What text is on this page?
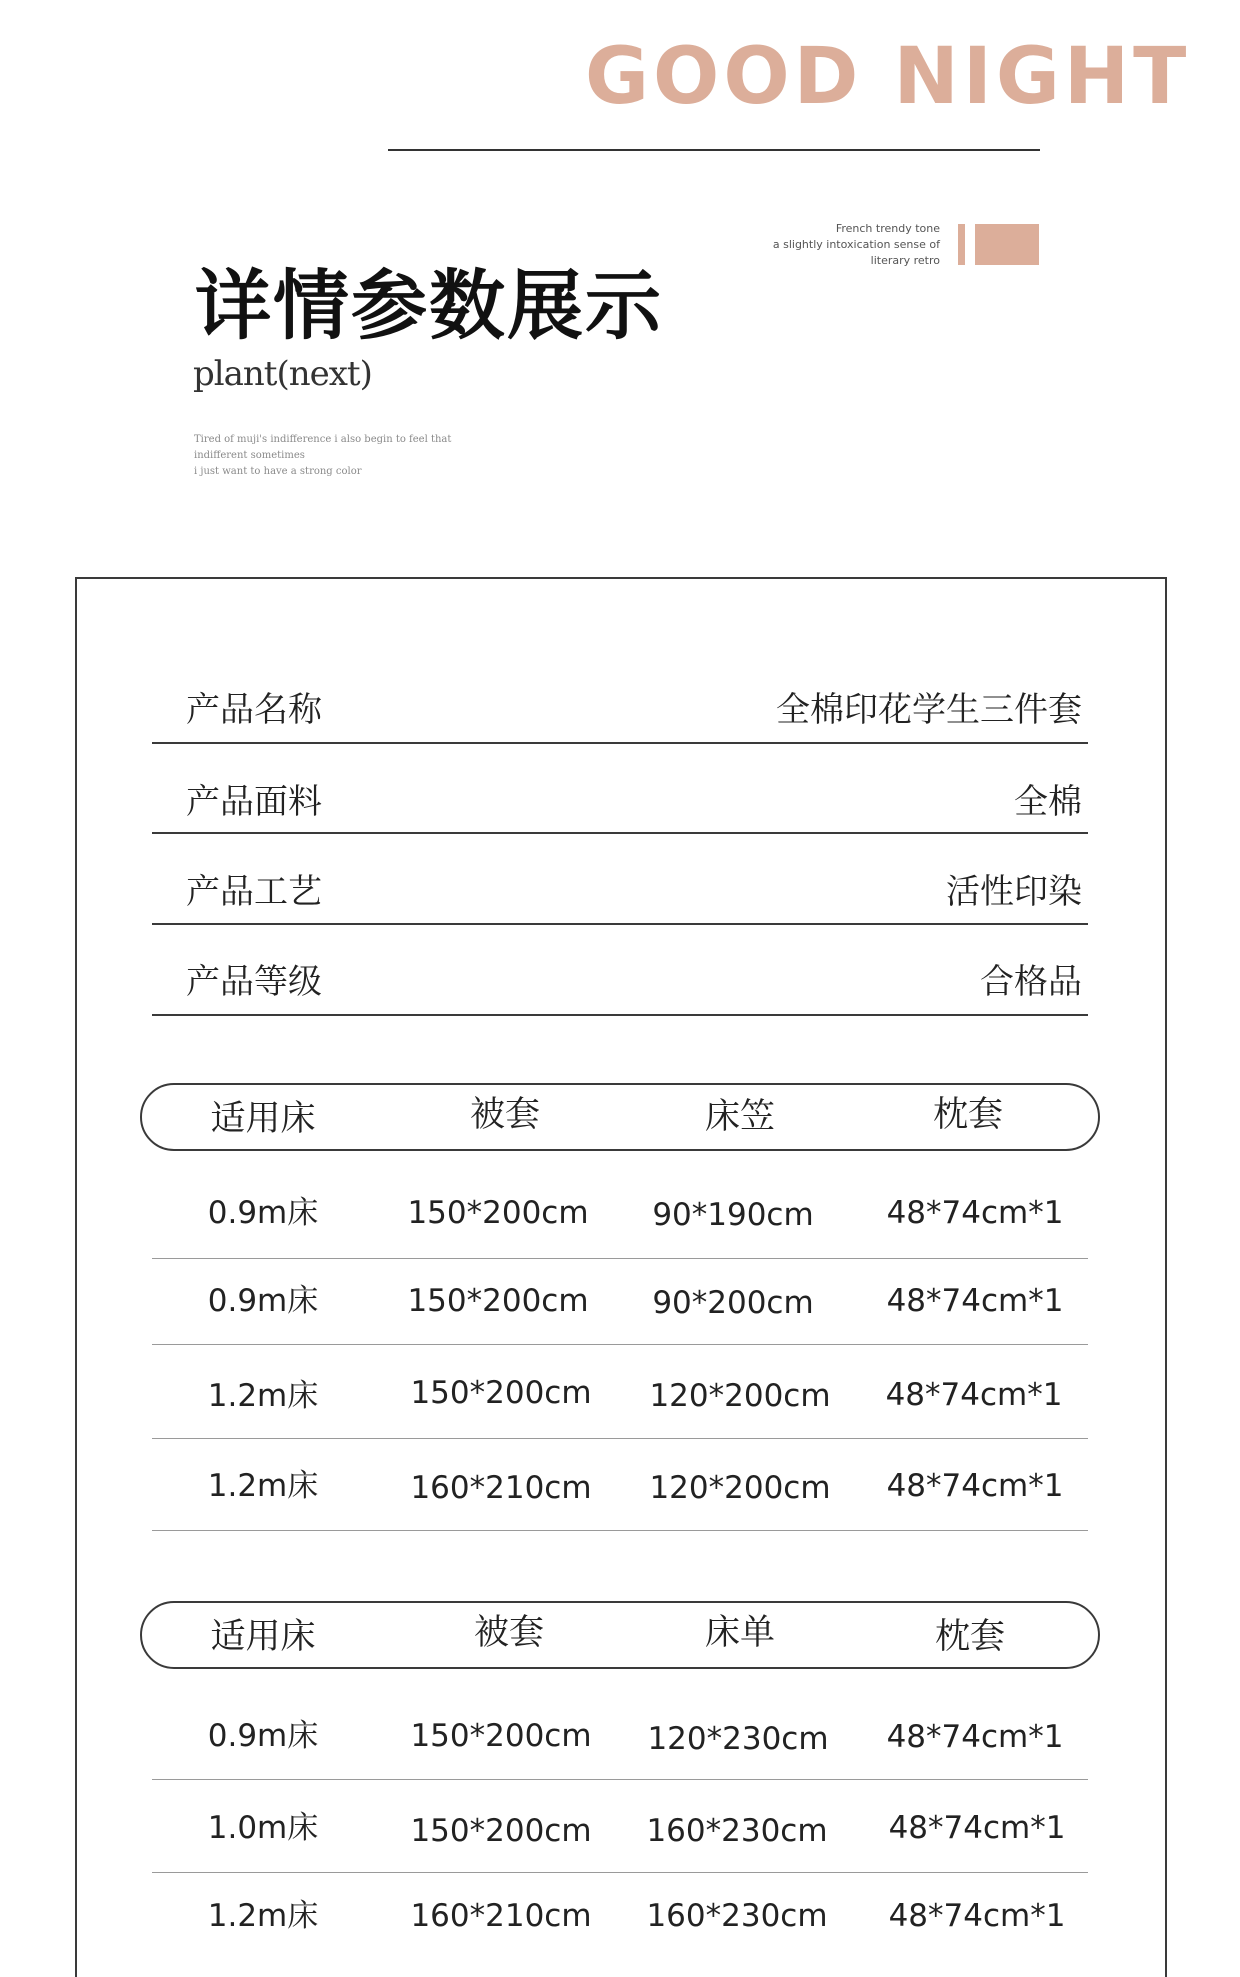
GOOD NIGHT
French trendy tone
a slightly intoxication sense of
literary retro
详情参数展示
plant(next)
Tired of muji's indifference i also begin to feel that
indifferent sometimes
i just want to have a strong color
产品名称	全棉印花学生三件套
产品面料	全棉
产品工艺	活性印染
产品等级	合格品
适用床	被套	床笠	枕套
0.9m床	150*200cm	90*190cm	48*74cm*1
0.9m床	150*200cm	90*200cm	48*74cm*1
1.2m床	150*200cm	120*200cm	48*74cm*1
1.2m床	160*210cm	120*200cm	48*74cm*1
适用床	被套	床单	枕套
0.9m床	150*200cm	120*230cm	48*74cm*1
1.0m床	150*200cm	160*230cm	48*74cm*1
1.2m床	160*210cm	160*230cm	48*74cm*1
